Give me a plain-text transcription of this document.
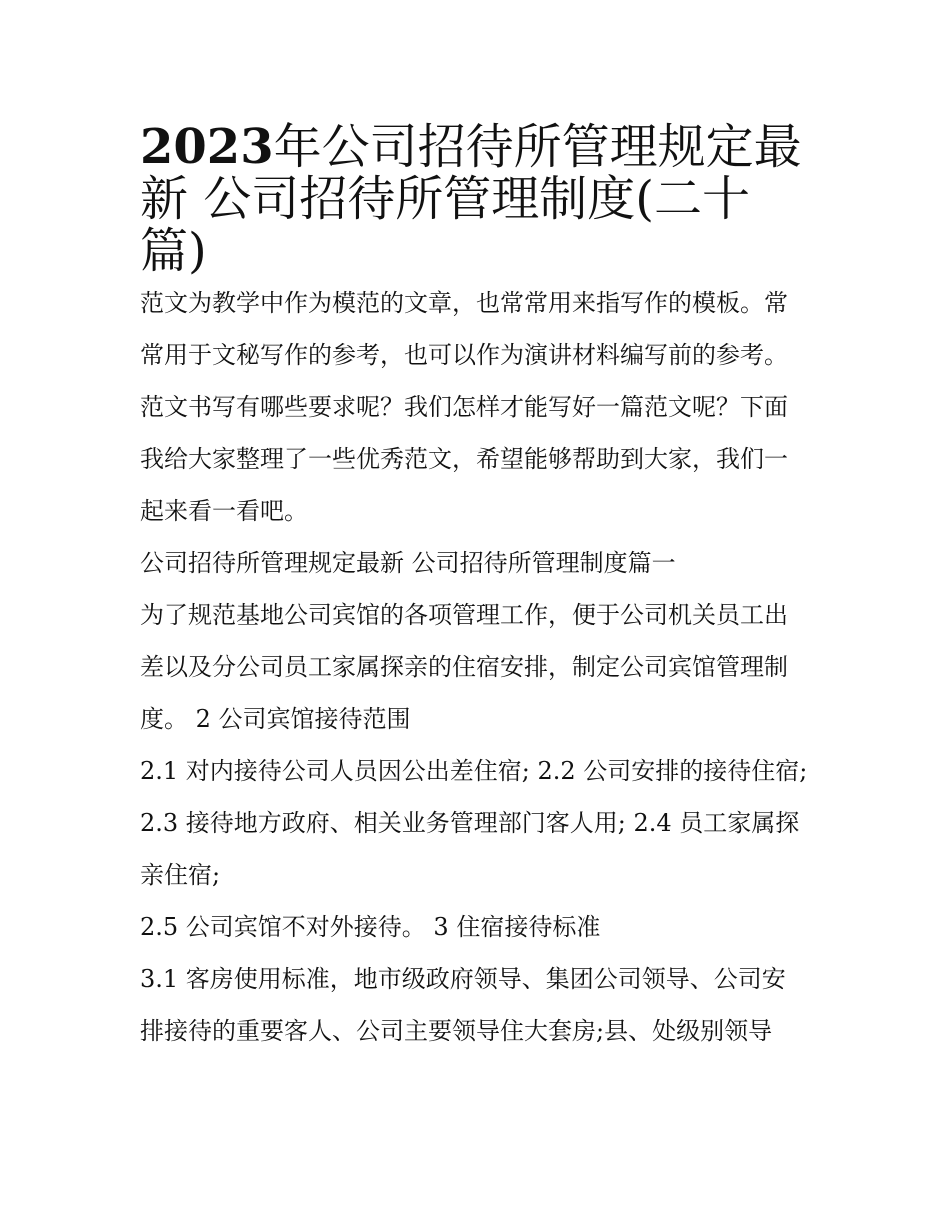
2023年公司招待所管理规定最
新 公司招待所管理制度(二十
篇)

范文为教学中作为模范的文章，也常常用来指写作的模板。常

常用于文秘写作的参考，也可以作为演讲材料编写前的参考。

范文书写有哪些要求呢？我们怎样才能写好一篇范文呢？下面

我给大家整理了一些优秀范文，希望能够帮助到大家，我们一

起来看一看吧。

公司招待所管理规定最新 公司招待所管理制度篇一

为了规范基地公司宾馆的各项管理工作，便于公司机关员工出

差以及分公司员工家属探亲的住宿安排，制定公司宾馆管理制

度。 2 公司宾馆接待范围

2.1 对内接待公司人员因公出差住宿; 2.2 公司安排的接待住宿;

2.3 接待地方政府、相关业务管理部门客人用; 2.4 员工家属探

亲住宿;

2.5 公司宾馆不对外接待。 3 住宿接待标准

3.1 客房使用标准，地市级政府领导、集团公司领导、公司安

排接待的重要客人、公司主要领导住大套房;县、处级别领导
